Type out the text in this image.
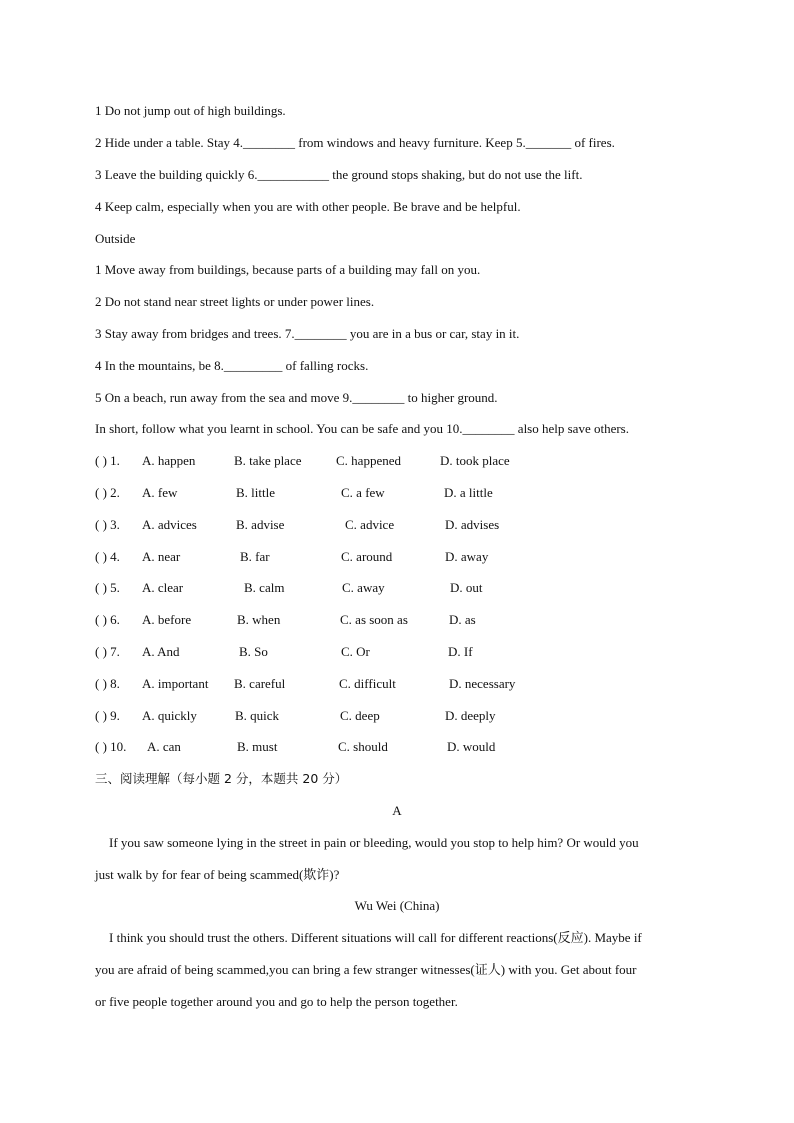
1 Do not jump out of high buildings.
2 Hide under a table. Stay 4.________ from windows and heavy furniture. Keep 5._______ of fires.
3 Leave the building quickly 6.___________ the ground stops shaking, but do not use the lift.
4 Keep calm, especially when you are with other people. Be brave and be helpful.
Outside
1 Move away from buildings, because parts of a building may fall on you.
2 Do not stand near street lights or under power lines.
3 Stay away from bridges and trees. 7.________ you are in a bus or car, stay in it.
4 In the mountains, be 8._________ of falling rocks.
5 On a beach, run away from the sea and move 9.________ to higher ground.
In short, follow what you learnt in school. You can be safe and you 10.________ also help save others.
( ) 1. A. happen	B. take place	C. happened	D. took place
( ) 2. A. few	B. little	C. a few	D. a little
( ) 3. A. advices	B. advise	C. advice	D. advises
( ) 4. A. near	B. far	C. around	D. away
( ) 5. A. clear	B. calm	C. away	D. out
( ) 6. A. before	B. when	C. as soon as	D. as
( ) 7. A. And	B. So	C. Or	D. If
( ) 8. A. important B. careful	C. difficult	D. necessary
( ) 9. A. quickly	B. quick	C. deep	D. deeply
( ) 10. A. can	B. must	C. should	D. would
三、阅读理解（每小题 2 分，本题共 20 分）
A
If you saw someone lying in the street in pain or bleeding, would you stop to help him? Or would you
just walk by for fear of being scammed(欺诈)?
Wu Wei (China)
I think you should trust the others. Different situations will call for different reactions(反应). Maybe if
you are afraid of being scammed,you can bring a few stranger witnesses(证人) with you. Get about four
or five people together around you and go to help the person together.
